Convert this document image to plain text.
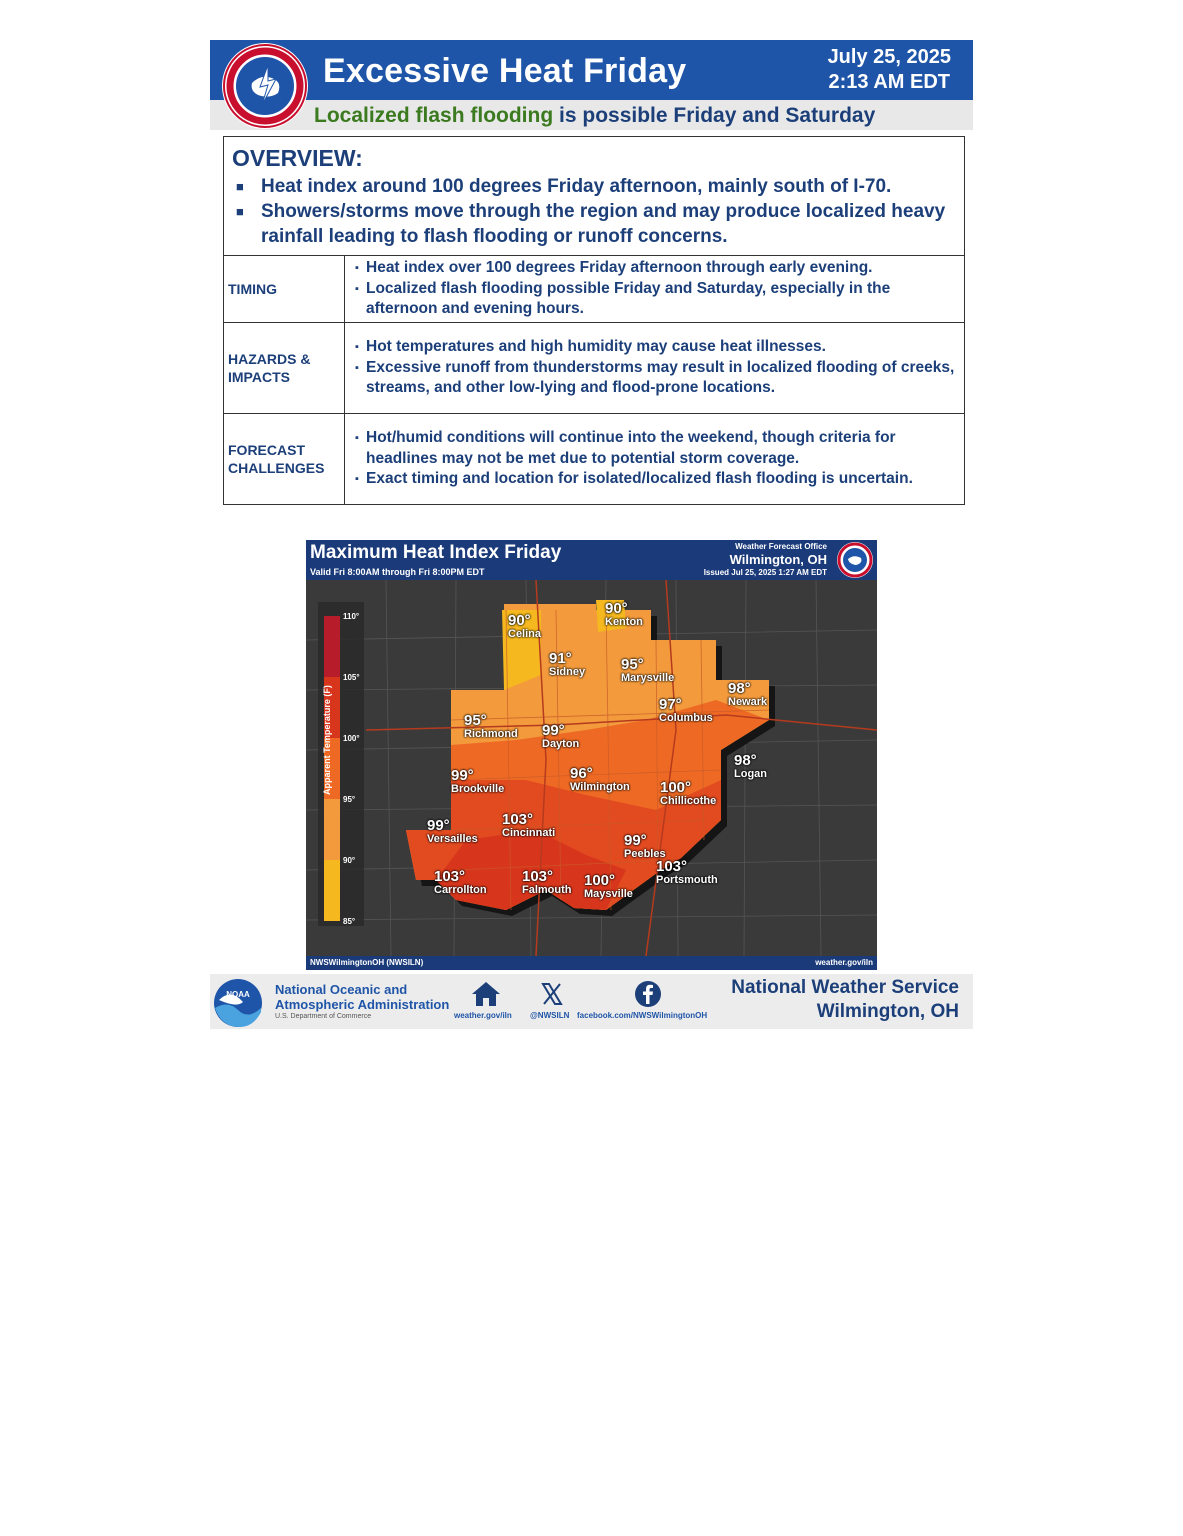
Excessive Heat Friday	July 25, 2025
2:13 AM EDT
Localized flash flooding is possible Friday and Saturday
OVERVIEW:
■ Heat index around 100 degrees Friday afternoon, mainly south of I-70.
■ Showers/storms move through the region and may produce localized heavy rainfall leading to flash flooding or runoff concerns.
TIMING
▪ Heat index over 100 degrees Friday afternoon through early evening.
▪ Localized flash flooding possible Friday and Saturday, especially in the afternoon and evening hours.
HAZARDS & IMPACTS
▪ Hot temperatures and high humidity may cause heat illnesses.
▪ Excessive runoff from thunderstorms may result in localized flooding of creeks, streams, and other low-lying and flood-prone locations.
FORECAST CHALLENGES
▪ Hot/humid conditions will continue into the weekend, though criteria for headlines may not be met due to potential storm coverage.
▪ Exact timing and location for isolated/localized flash flooding is uncertain.
Maximum Heat Index Friday
Valid Fri 8:00AM through Fri 8:00PM EDT
Weather Forecast Office
Wilmington, OH
Issued Jul 25, 2025 1:27 AM EDT
110°
105°
100°
95°
90°
85°
Apparent Temperature (F)
90°
Celina
90°
Kenton
91°
Sidney 95°
Marysville
98°
Newark
97°
Columbus
95°
Richmond 99°
Dayton
98°
Logan
99°
Brookville
96°
Wilmington 100°
Chillicothe
99°
Versailles
103°
Cincinnati	99°
Peebles
103°
Carrollton
103°
Falmouth
100°
Maysville
103°
Portsmouth
NWSWilmingtonOH (NWSILN)	weather.gov/iln
NOAA National Oceanic and
Atmospheric Administration
U.S. Department of Commerce	weather.gov/iln @NWSILN facebook.com/NWSWilmingtonOH
National Weather Service
Wilmington, OH
